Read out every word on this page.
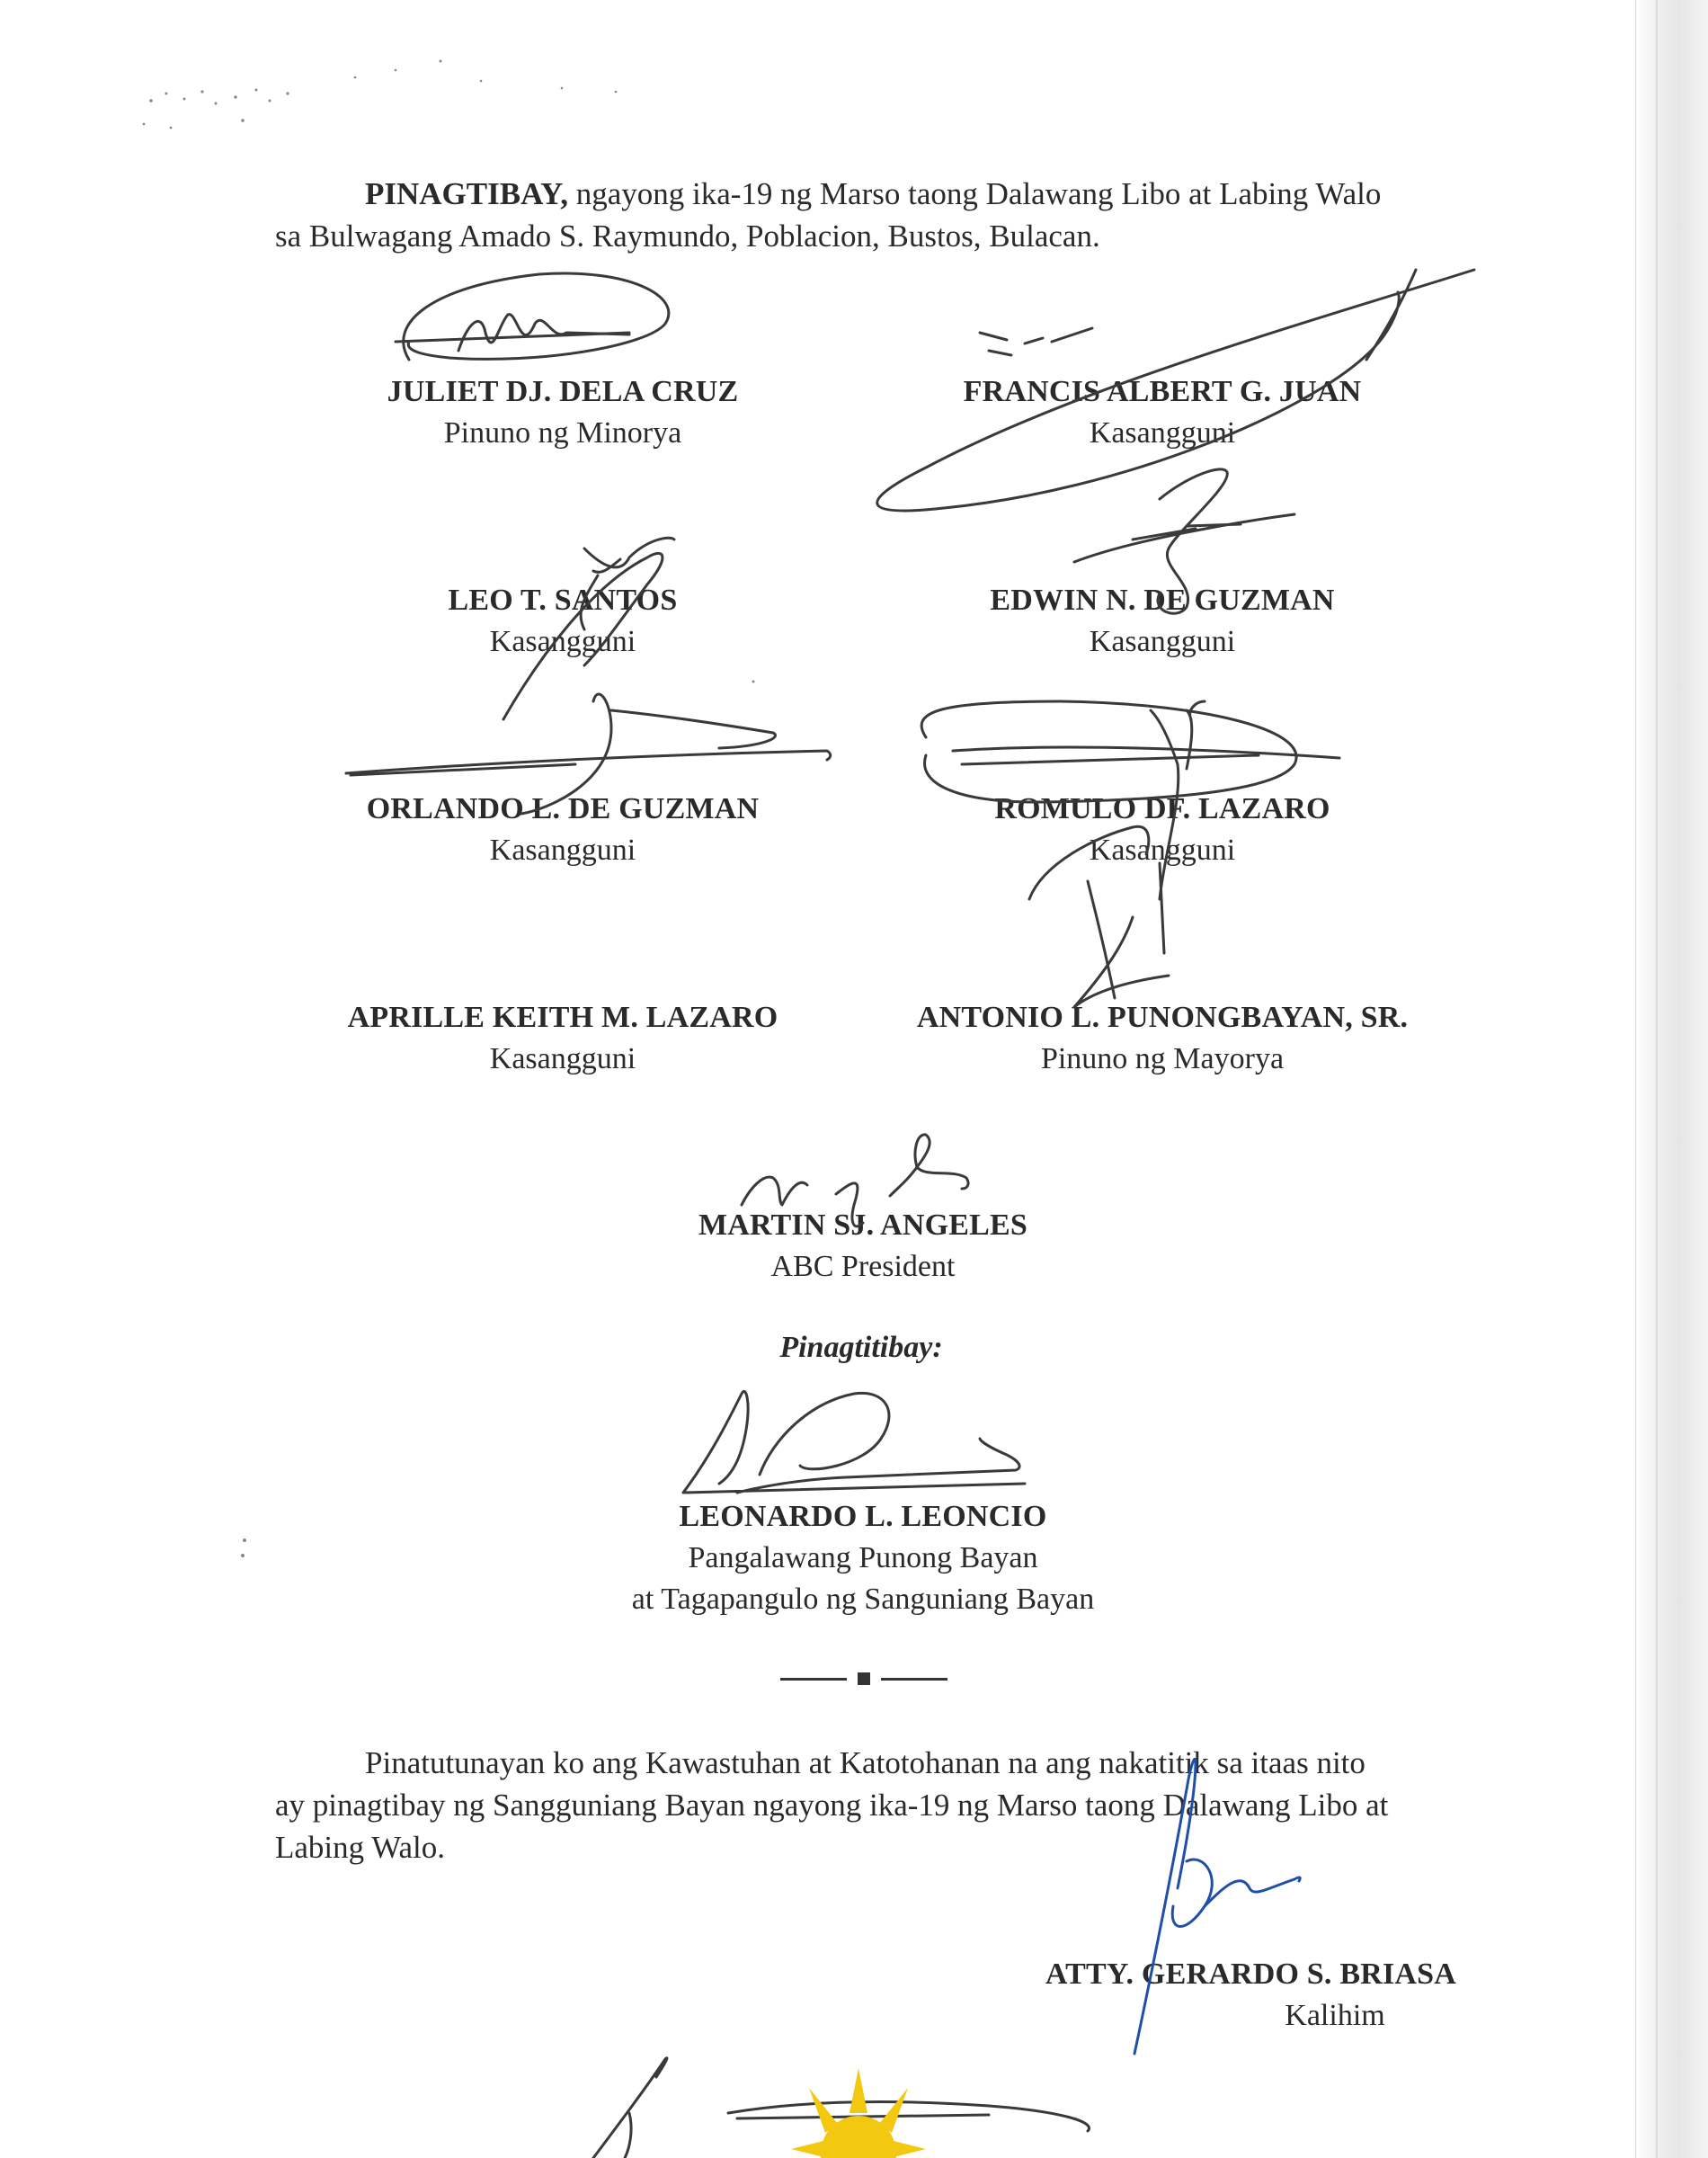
PINAGTIBAY, ngayong ika-19 ng Marso taong Dalawang Libo at Labing Walo
sa Bulwagang Amado S. Raymundo, Poblacion, Bustos, Bulacan.

JULIET DJ. DELA CRUZ
Pinuno ng Minorya
FRANCIS ALBERT G. JUAN
Kasangguni
LEO T. SANTOS
Kasangguni
EDWIN N. DE GUZMAN
Kasangguni
ORLANDO L. DE GUZMAN
Kasangguni
ROMULO DF. LAZARO
Kasangguni
APRILLE KEITH M. LAZARO
Kasangguni
ANTONIO L. PUNONGBAYAN, SR.
Pinuno ng Mayorya
MARTIN SJ. ANGELES
ABC President
Pinagtitibay:
LEONARDO L. LEONCIO
Pangalawang Punong Bayan
at Tagapangulo ng Sanguniang Bayan

Pinatutunayan ko ang Kawastuhan at Katotohanan na ang nakatitik sa itaas nito
ay pinagtibay ng Sangguniang Bayan ngayong ika-19 ng Marso taong Dalawang Libo at
Labing Walo.

ATTY. GERARDO S. BRIASA
Kalihim
